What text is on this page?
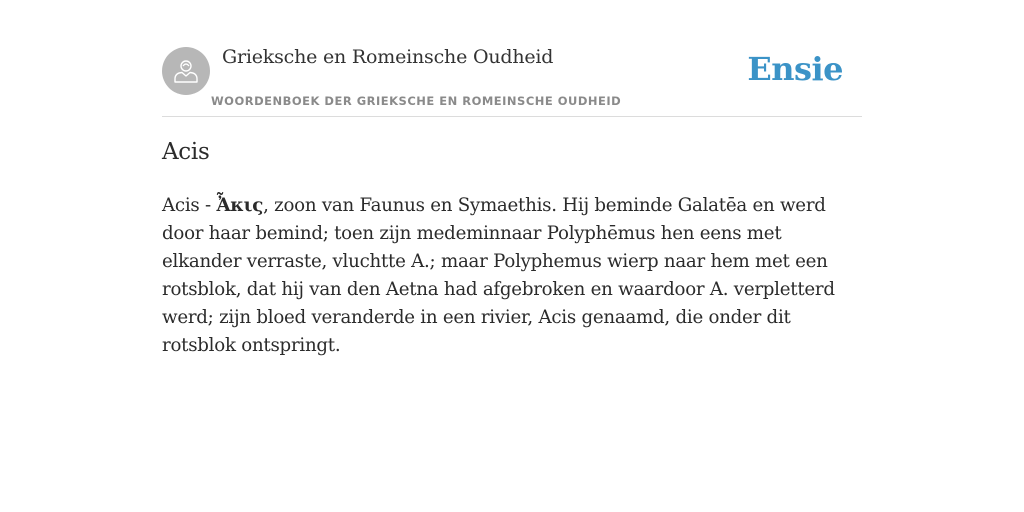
Grieksche en Romeinsche Oudheid
WOORDENBOEK DER GRIEKSCHE EN ROMEINSCHE OUDHEID
Ensie
Acis

Acis - Ἆκις, zoon van Faunus en Symaethis. Hij beminde Galatēa en werd door haar bemind; toen zijn medeminnaar Polyphēmus hen eens met elkander verraste, vluchtte A.; maar Polyphemus wierp naar hem met een rotsblok, dat hij van den Aetna had afgebroken en waardoor A. verpletterd werd; zijn bloed veranderde in een rivier, Acis genaamd, die onder dit rotsblok ontspringt.
